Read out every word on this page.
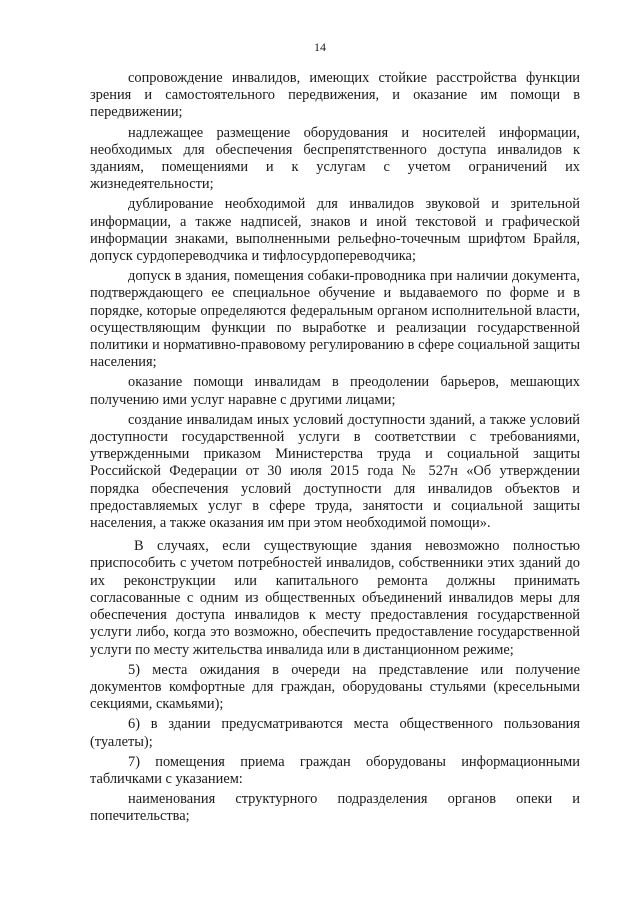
14

сопровождение инвалидов, имеющих стойкие расстройства функции зрения и самостоятельного передвижения, и оказание им помощи в передвижении;

надлежащее размещение оборудования и носителей информации, необходимых для обеспечения беспрепятственного доступа инвалидов к зданиям, помещениями и к услугам с учетом ограничений их жизнедеятельности;

дублирование необходимой для инвалидов звуковой и зрительной информации, а также надписей, знаков и иной текстовой и графической информации знаками, выполненными рельефно-точечным шрифтом Брайля, допуск сурдопереводчика и тифлосурдопереводчика;

допуск в здания, помещения собаки-проводника при наличии документа, подтверждающего ее специальное обучение и выдаваемого по форме и в порядке, которые определяются федеральным органом исполнительной власти, осуществляющим функции по выработке и реализации государственной политики и нормативно-правовому регулированию в сфере социальной защиты населения;

оказание помощи инвалидам в преодолении барьеров, мешающих получению ими услуг наравне с другими лицами;

создание инвалидам иных условий доступности зданий, а также условий доступности государственной услуги в соответствии с требованиями, утвержденными приказом Министерства труда и социальной защиты Российской Федерации от 30 июля 2015 года № 527н «Об утверждении порядка обеспечения условий доступности для инвалидов объектов и предоставляемых услуг в сфере труда, занятости и социальной защиты населения, а также оказания им при этом необходимой помощи».

В случаях, если существующие здания невозможно полностью приспособить с учетом потребностей инвалидов, собственники этих зданий до их реконструкции или капитального ремонта должны принимать согласованные с одним из общественных объединений инвалидов меры для обеспечения доступа инвалидов к месту предоставления государственной услуги либо, когда это возможно, обеспечить предоставление государственной услуги по месту жительства инвалида или в дистанционном режиме;

5) места ожидания в очереди на представление или получение документов комфортные для граждан, оборудованы стульями (кресельными секциями, скамьями);

6) в здании предусматриваются места общественного пользования (туалеты);

7) помещения приема граждан оборудованы информационными табличками с указанием:

наименования структурного подразделения органов опеки и попечительства;
